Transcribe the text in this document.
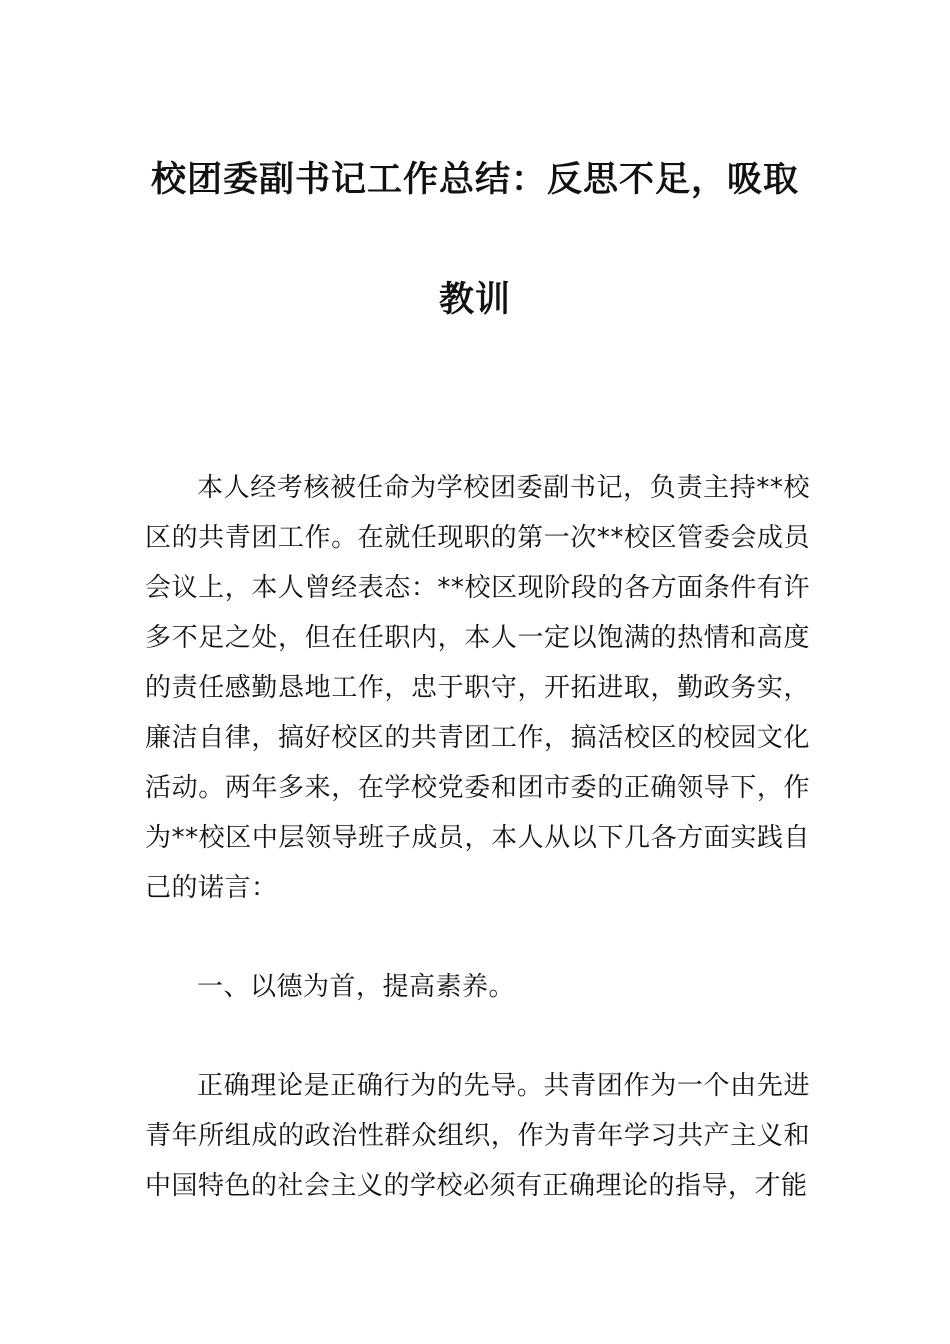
校团委副书记工作总结：反思不足，吸取
教训

本人经考核被任命为学校团委副书记，负责主持**校区的共青团工作。在就任现职的第一次**校区管委会成员会议上，本人曾经表态：**校区现阶段的各方面条件有许多不足之处，但在任职内，本人一定以饱满的热情和高度的责任感勤恳地工作，忠于职守，开拓进取，勤政务实，廉洁自律，搞好校区的共青团工作，搞活校区的校园文化活动。两年多来，在学校党委和团市委的正确领导下，作为**校区中层领导班子成员，本人从以下几各方面实践自己的诺言：

一、以德为首，提高素养。

正确理论是正确行为的先导。共青团作为一个由先进青年所组成的政治性群众组织，作为青年学习共产主义和中国特色的社会主义的学校必须有正确理论的指导，才能
